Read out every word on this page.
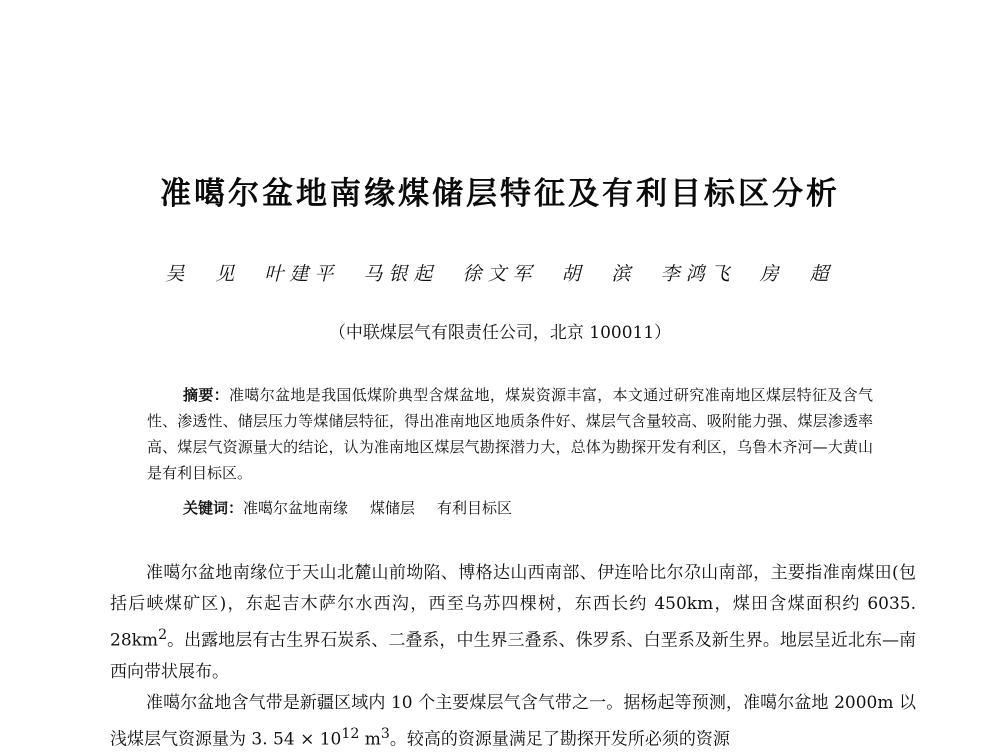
准噶尔盆地南缘煤储层特征及有利目标区分析
吴　见 叶建平 马银起 徐文军 胡　滨 李鸿飞 房　超
（中联煤层气有限责任公司，北京 100011）

摘要：准噶尔盆地是我国低煤阶典型含煤盆地，煤炭资源丰富，本文通过研究准南地区煤层特征及含气性、渗透性、储层压力等煤储层特征，得出准南地区地质条件好、煤层气含量较高、吸附能力强、煤层渗透率高、煤层气资源量大的结论，认为准南地区煤层气勘探潜力大，总体为勘探开发有利区，乌鲁木齐河—大黄山是有利目标区。

关键词：准噶尔盆地南缘 煤储层 有利目标区

准噶尔盆地南缘位于天山北麓山前坳陷、博格达山西南部、伊连哈比尔尕山南部，主要指准南煤田(包括后峡煤矿区)，东起吉木萨尔水西沟，西至乌苏四棵树，东西长约 450km，煤田含煤面积约 6035. $28km^2$。出露地层有古生界石炭系、二叠系，中生界三叠系、侏罗系、白垩系及新生界。地层呈近北东—南西向带状展布。

准噶尔盆地含气带是新疆区域内 10 个主要煤层气含气带之一。据杨起等预测，准噶尔盆地 2000m 以浅煤层气资源量为 3. $54 \times 10^{12}$ $m^3$。较高的资源量满足了勘探开发所必须的资源
